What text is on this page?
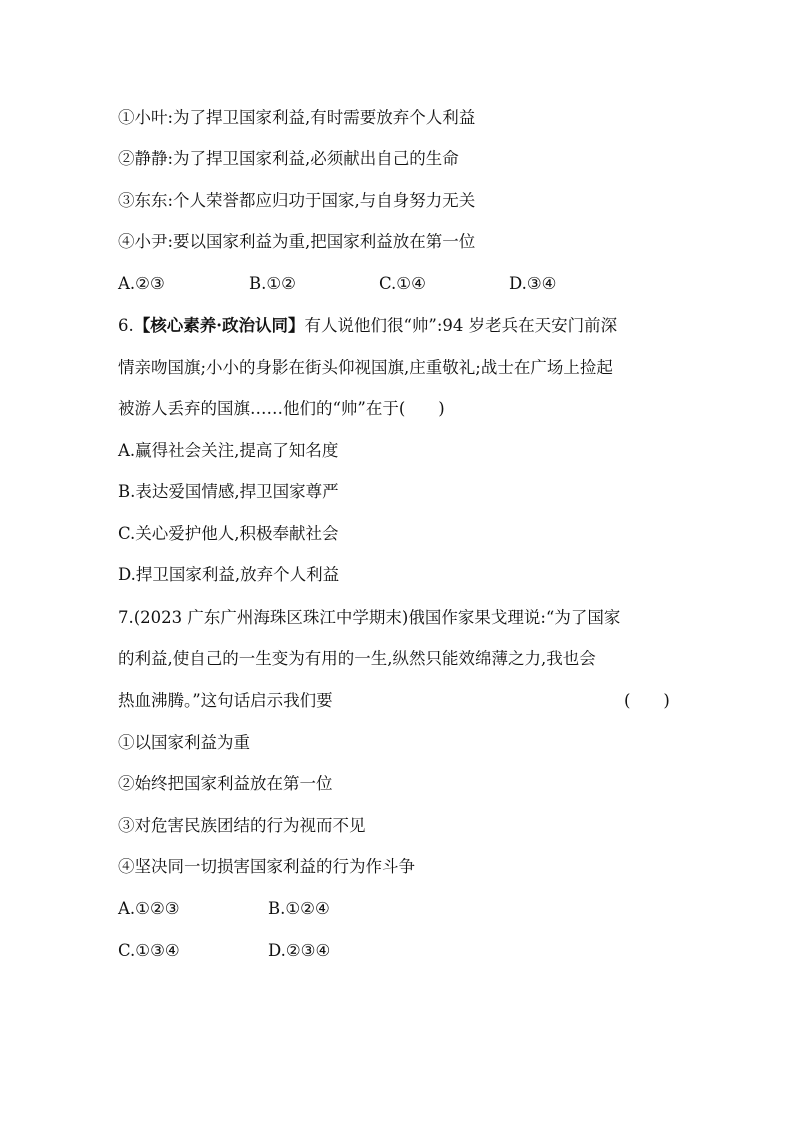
①小叶:为了捍卫国家利益,有时需要放弃个人利益
②静静:为了捍卫国家利益,必须献出自己的生命
③东东:个人荣誉都应归功于国家,与自身努力无关
④小尹:要以国家利益为重,把国家利益放在第一位
A.②③	B.①②	C.①④	D.③④
6.【核心素养·政治认同】有人说他们很“帅”:94 岁老兵在天安门前深
情亲吻国旗;小小的身影在街头仰视国旗,庄重敬礼;战士在广场上捡起
被游人丢弃的国旗……他们的“帅”在于(　　)
A.赢得社会关注,提高了知名度
B.表达爱国情感,捍卫国家尊严
C.关心爱护他人,积极奉献社会
D.捍卫国家利益,放弃个人利益
7.(2023 广东广州海珠区珠江中学期末)俄国作家果戈理说:“为了国家
的利益,使自己的一生变为有用的一生,纵然只能效绵薄之力,我也会
热血沸腾。”这句话启示我们要	(　　)
①以国家利益为重
②始终把国家利益放在第一位
③对危害民族团结的行为视而不见
④坚决同一切损害国家利益的行为作斗争
A.①②③	B.①②④
C.①③④	D.②③④
